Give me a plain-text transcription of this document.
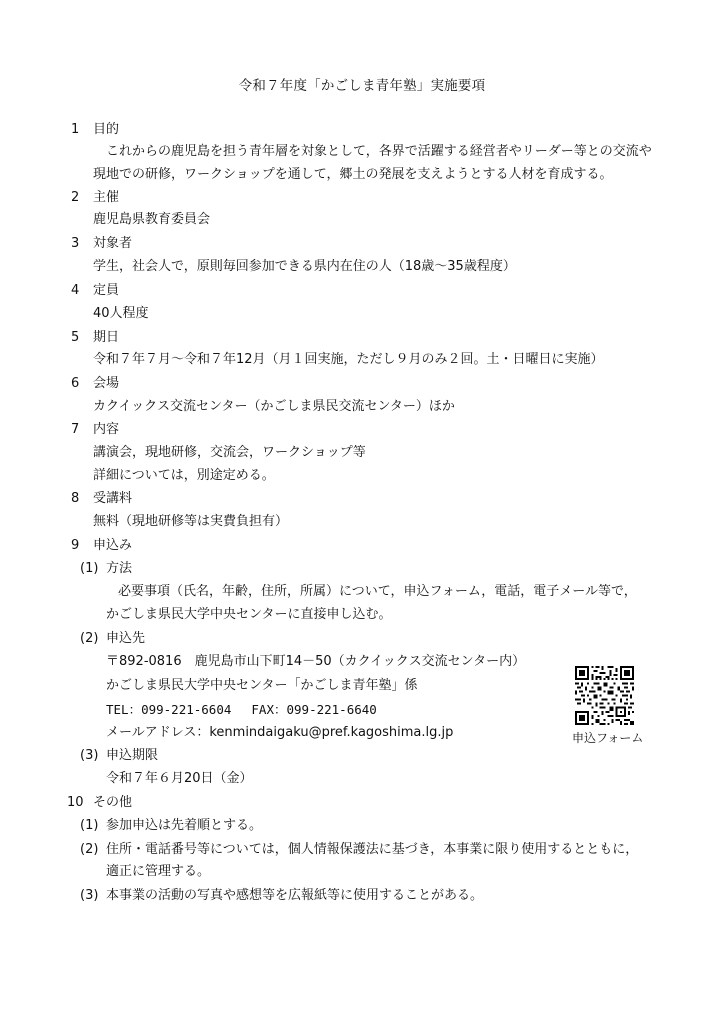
令和７年度「かごしま青年塾」実施要項
1 目的
これからの鹿児島を担う青年層を対象として，各界で活躍する経営者やリーダー等との交流や
現地での研修，ワークショップを通して，郷土の発展を支えようとする人材を育成する。
2 主催
鹿児島県教育委員会
3 対象者
学生，社会人で，原則毎回参加できる県内在住の人（18歳～35歳程度）
4 定員
40人程度
5 期日
令和７年７月～令和７年12月（月１回実施，ただし９月のみ２回。土・日曜日に実施）
6 会場
カクイックス交流センター（かごしま県民交流センター）ほか
7 内容
講演会，現地研修，交流会，ワークショップ等
詳細については，別途定める。
8 受講料
無料（現地研修等は実費負担有）
9 申込み
(1) 方法
必要事項（氏名，年齢，住所，所属）について，申込フォーム，電話，電子メール等で，
かごしま県民大学中央センターに直接申し込む。
(2) 申込先
〒892-0816　鹿児島市山下町14－50（カクイックス交流センター内）
かごしま県民大学中央センター「かごしま青年塾」係
TEL：099-221-6604　 FAX：099-221-6640
メールアドレス：kenmindaigaku@pref.kagoshima.lg.jp	申込フォーム
(3) 申込期限
令和７年６月20日（金）
10 その他
(1) 参加申込は先着順とする。
(2) 住所・電話番号等については，個人情報保護法に基づき，本事業に限り使用するとともに，
適正に管理する。
(3) 本事業の活動の写真や感想等を広報紙等に使用することがある。
